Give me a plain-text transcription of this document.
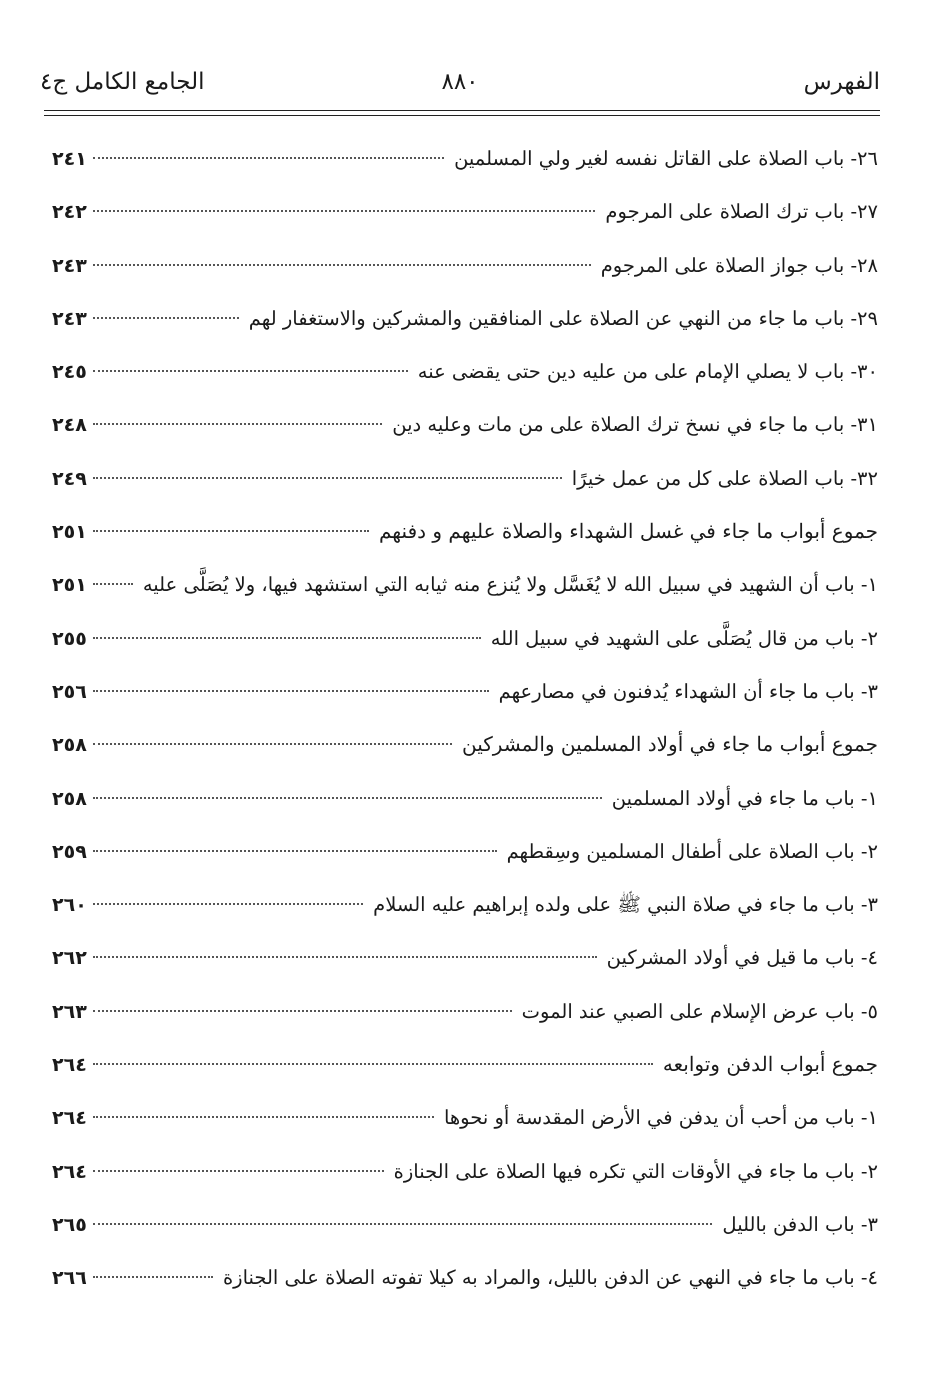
الفهرس
٨٨٠
الجامع الكامل ج٤
٢٦- باب الصلاة على القاتل نفسه لغير ولي المسلمين
٢٤١
٢٧- باب ترك الصلاة على المرجوم
٢٤٢
٢٨- باب جواز الصلاة على المرجوم
٢٤٣
٢٩- باب ما جاء من النهي عن الصلاة على المنافقين والمشركين والاستغفار لهم
٢٤٣
٣٠- باب لا يصلي الإمام على من عليه دين حتى يقضى عنه
٢٤٥
٣١- باب ما جاء في نسخ ترك الصلاة على من مات وعليه دين
٢٤٨
٣٢- باب الصلاة على كل من عمل خيرًا
٢٤٩
جموع أبواب ما جاء في غسل الشهداء والصلاة عليهم و دفنهم
٢٥١
١- باب أن الشهيد في سبيل الله لا يُغَسَّل ولا يُنزع منه ثيابه التي استشهد فيها، ولا يُصَلَّى عليه
٢٥١
٢- باب من قال يُصَلَّى على الشهيد في سبيل الله
٢٥٥
٣- باب ما جاء أن الشهداء يُدفنون في مصارعهم
٢٥٦
جموع أبواب ما جاء في أولاد المسلمين والمشركين
٢٥٨
١- باب ما جاء في أولاد المسلمين
٢٥٨
٢- باب الصلاة على أطفال المسلمين وسِقطهم
٢٥٩
٣- باب ما جاء في صلاة النبي ﷺ على ولده إبراهيم عليه السلام
٢٦٠
٤- باب ما قيل في أولاد المشركين
٢٦٢
٥- باب عرض الإسلام على الصبي عند الموت
٢٦٣
جموع أبواب الدفن وتوابعه
٢٦٤
١- باب من أحب أن يدفن في الأرض المقدسة أو نحوها
٢٦٤
٢- باب ما جاء في الأوقات التي تكره فيها الصلاة على الجنازة
٢٦٤
٣- باب الدفن بالليل
٢٦٥
٤- باب ما جاء في النهي عن الدفن بالليل، والمراد به كيلا تفوته الصلاة على الجنازة
٢٦٦
